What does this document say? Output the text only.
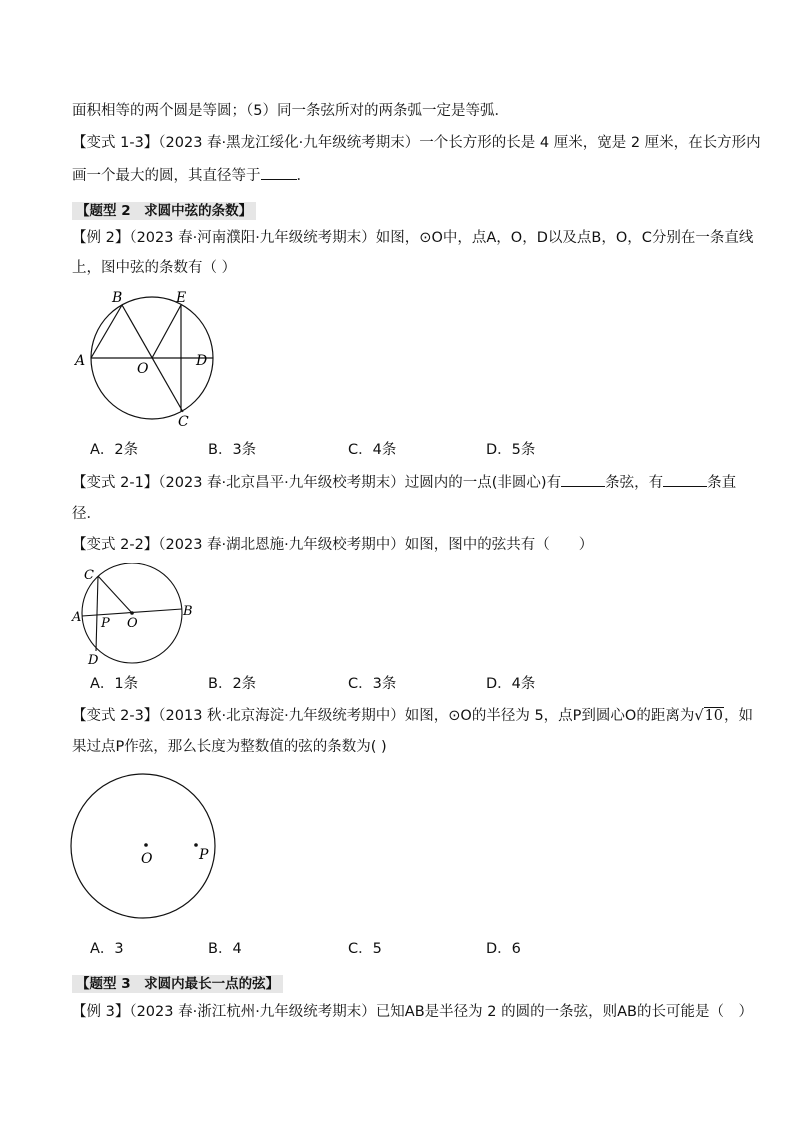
面积相等的两个圆是等圆；（5）同一条弦所对的两条弧一定是等弧．
【变式 1-3】（2023 春·黑龙江绥化·九年级统考期末）一个长方形的长是 4 厘米，宽是 2 厘米，在长方形内
画一个最大的圆，其直径等于 ．
【题型 2　求圆中弦的条数】
【例 2】（2023 春·河南濮阳·九年级统考期末）如图，⊙O中，点A，O，D以及点B，O，C分别在一条直线
上，图中弦的条数有（ ）
B	E
A	O	D
C
A．2条	B．3条	C．4条	D．5条
【变式 2-1】（2023 春·北京昌平·九年级校考期末）过圆内的一点(非圆心)有	条弦，有	条直
径．
【变式 2-2】（2023 春·湖北恩施·九年级校考期中）如图，图中的弦共有（　　）
C
A P O
B
D
A．1条	B．2条	C．3条	D．4条
【变式 2-3】（2013 秋·北京海淀·九年级统考期中）如图，⊙O的半径为 5，点P到圆心O的距离为√10，如
果过点P作弦，那么长度为整数值的弦的条数为( )
O	P
A．3	B．4	C．5	D．6
【题型 3　求圆内最长一点的弦】
【例 3】（2023 春·浙江杭州·九年级统考期末）已知AB是半径为 2 的圆的一条弦，则AB的长可能是（　）
